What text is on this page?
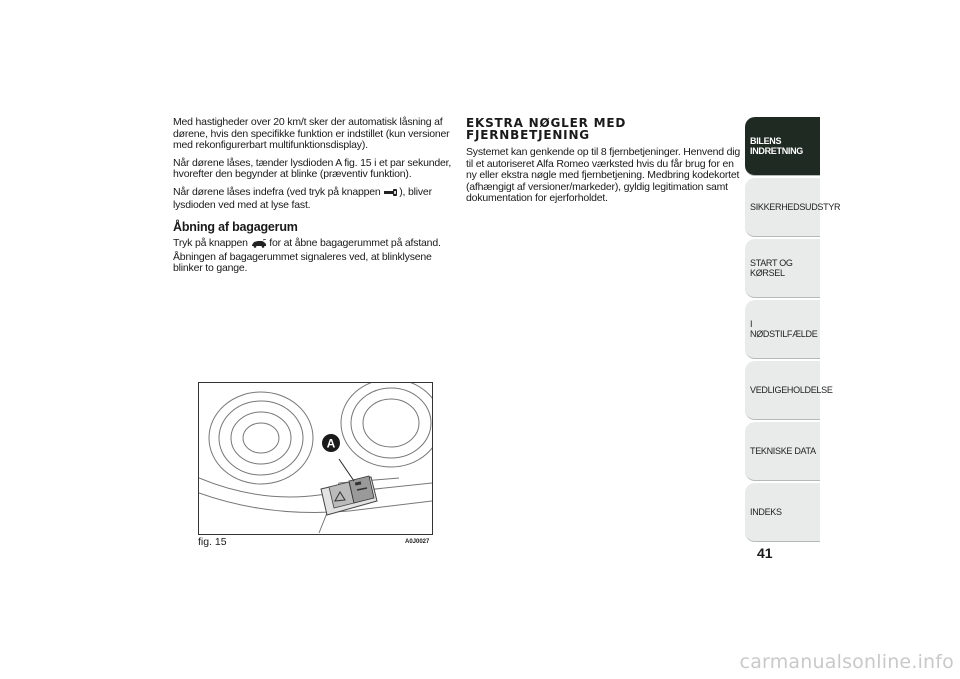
Med hastigheder over 20 km/t sker der automatisk låsning af dørene, hvis den specifikke funktion er indstillet (kun versioner med rekonfigurerbart multifunktionsdisplay).

Når dørene låses, tænder lysdioden A fig. 15 i et par sekunder, hvorefter den begynder at blinke (præventiv funktion).

Når dørene låses indefra (ved tryk på knappen ), bliver lysdioden ved med at lyse fast.

Åbning af bagagerum

Tryk på knappen  for at åbne bagagerummet på afstand. Åbningen af bagagerummet signaleres ved, at blinklysene blinker to gange.

EKSTRA NØGLER MED
FJERNBETJENING

Systemet kan genkende op til 8 fjernbetjeninger. Henvend dig til et autoriseret Alfa Romeo værksted hvis du får brug for en ny eller ekstra nøgle med fjernbetjening. Medbring kodekortet (afhængigt af versioner/markeder), gyldig legitimation samt dokumentation for ejerforholdet.

A
fig. 15	A0J0027
BILENS INDRETNING
SIKKERHEDSUDSTYR
START OG KØRSEL
I NØDSTILFÆLDE
VEDLIGEHOLDELSE
TEKNISKE DATA
INDEKS
41
carmanualsonline.info
